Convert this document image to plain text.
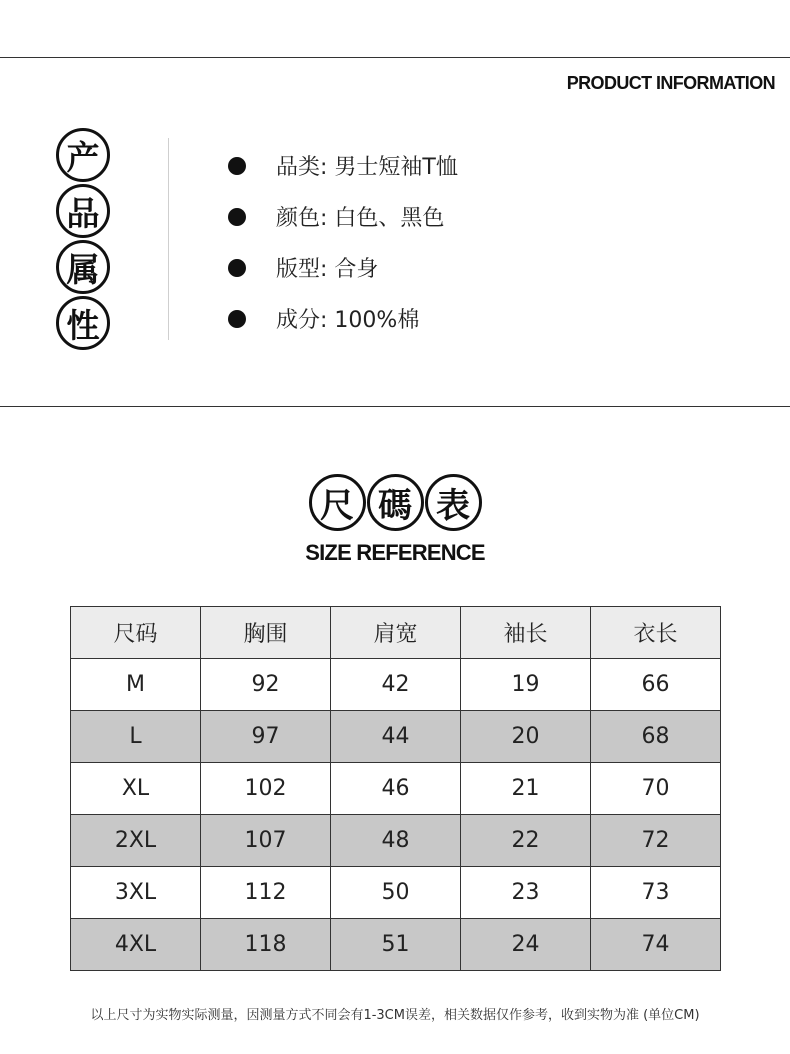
PRODUCT INFORMATION
产
品
属
性
品类 : 男士短袖T恤
颜色 : 白色、黑色
版型 : 合身
成分 : 100%棉
尺 碼 表
SIZE REFERENCE
尺码	胸围	肩宽	袖长	衣长
M	92	42	19	66
L	97	44	20	68
XL	102	46	21	70
2XL	107	48	22	72
3XL	112	50	23	73
4XL	118	51	24	74
以上尺寸为实物实际测量，因测量方式不同会有1-3CM误差，相关数据仅作参考，收到实物为准 (单位CM)
